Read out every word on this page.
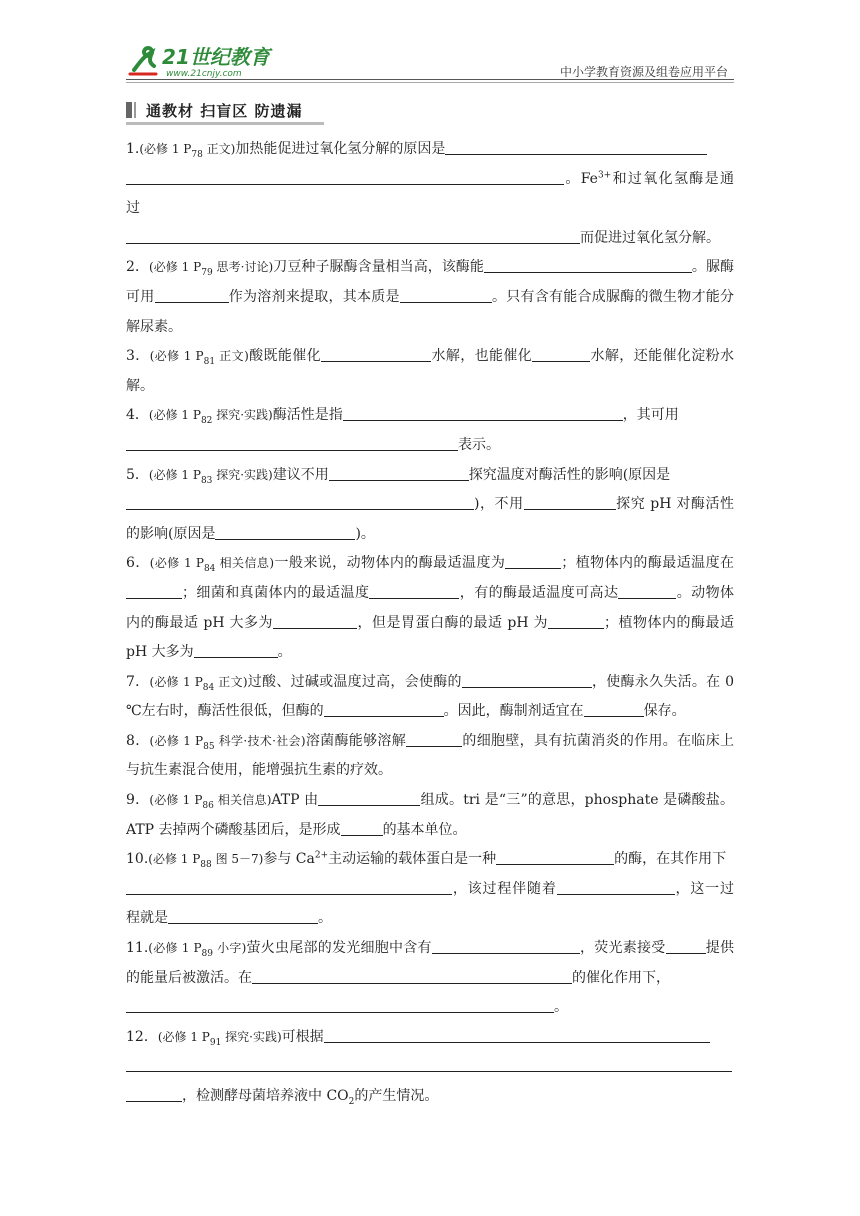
21世纪教育
www.21cnjy.com	中小学教育资源及组卷应用平台
通教材 扫盲区 防遗漏

1.(必修 1 $P_{78}$ 正文)加热能促进过氧化氢分解的原因是
。$Fe^{3+}$和过氧化氢酶是通过
而促进过氧化氢分解。

2．(必修 1 $P_{79}$ 思考·讨论)刀豆种子脲酶含量相当高，该酶能	。脲酶可用	作为溶剂来提取，其本质是	。只有含有能合成脲酶的微生物才能分解尿素。

3．(必修 1 $P_{81}$ 正文)酸既能催化	水解，也能催化	水解，还能催化淀粉水解。

4．(必修 1 $P_{82}$ 探究·实践)酶活性是指	，其可用
表示。

5．(必修 1 $P_{83}$ 探究·实践)建议不用	探究温度对酶活性的影响(原因是
)，不用	探究 pH 对酶活性的影响(原因是	)。

6．(必修 1 $P_{84}$ 相关信息)一般来说，动物体内的酶最适温度为	；植物体内的酶最适温度在；细菌和真菌体内的最适温度	，有的酶最适温度可高达	。动物体内的酶最适 pH 大多为	，但是胃蛋白酶的最适 pH 为	；植物体内的酶最适 pH 大多为	。

7．(必修 1 $P_{84}$ 正文)过酸、过碱或温度过高，会使酶的	，使酶永久失活。在 0 ℃左右时，酶活性很低，但酶的	。因此，酶制剂适宜在	保存。

8．(必修 1 $P_{85}$ 科学·技术·社会)溶菌酶能够溶解	的细胞壁，具有抗菌消炎的作用。在临床上与抗生素混合使用，能增强抗生素的疗效。

9．(必修 1 $P_{86}$ 相关信息)ATP 由	组成。tri 是“三”的意思，phosphate 是磷酸盐。ATP 去掉两个磷酸基团后，是形成	的基本单位。

10.(必修 1 $P_{88}$ 图 5－7)参与 $Ca^{2+}$主动运输的载体蛋白是一种	的酶，在其作用下
，该过程伴随着	，这一过程就是	。

11.(必修 1 $P_{89}$ 小字)萤火虫尾部的发光细胞中含有	，荧光素接受	提供的能量后被激活。在	的催化作用下，
。

12．(必修 1 $P_{91}$ 探究·实践)可根据

，检测酵母菌培养液中 $CO_2$的产生情况。
